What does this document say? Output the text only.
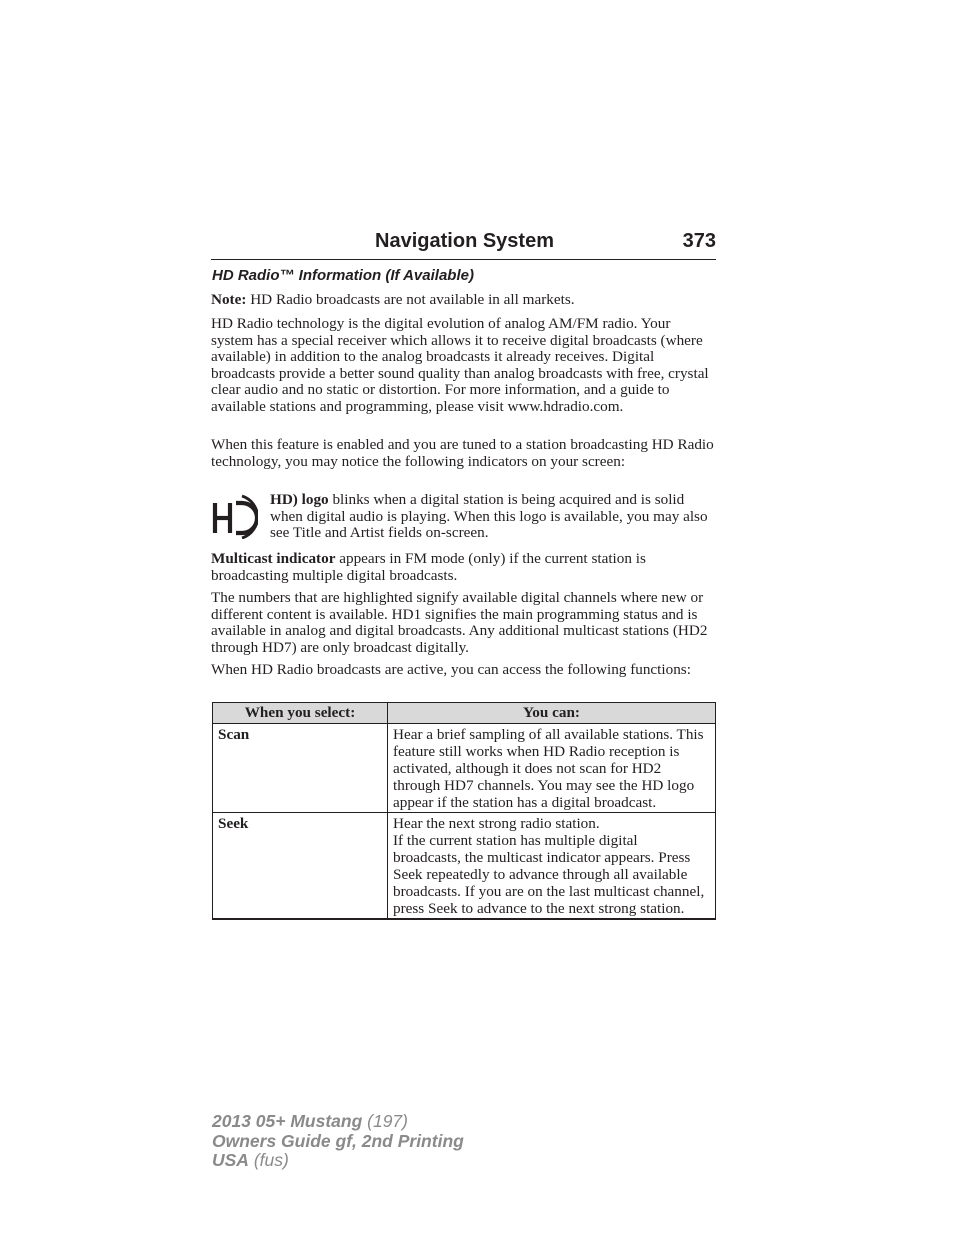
Navigation System	373
HD Radio™ Information (If Available)

Note: HD Radio broadcasts are not available in all markets.

HD Radio technology is the digital evolution of analog AM/FM radio. Your system has a special receiver which allows it to receive digital broadcasts (where available) in addition to the analog broadcasts it already receives. Digital broadcasts provide a better sound quality than analog broadcasts with free, crystal clear audio and no static or distortion. For more information, and a guide to available stations and programming, please visit www.hdradio.com.

When this feature is enabled and you are tuned to a station broadcasting HD Radio technology, you may notice the following indicators on your screen:

HD) logo blinks when a digital station is being acquired and is solid when digital audio is playing. When this logo is available, you may also see Title and Artist fields on-screen.

Multicast indicator appears in FM mode (only) if the current station is broadcasting multiple digital broadcasts.

The numbers that are highlighted signify available digital channels where new or different content is available. HD1 signifies the main programming status and is available in analog and digital broadcasts. Any additional multicast stations (HD2 through HD7) are only broadcast digitally.

When HD Radio broadcasts are active, you can access the following functions:

When you select:	You can:
Scan	Hear a brief sampling of all available stations. This feature still works when HD Radio reception is activated, although it does not scan for HD2 through HD7 channels. You may see the HD logo appear if the station has a digital broadcast.
Seek	Hear the next strong radio station.
If the current station has multiple digital broadcasts, the multicast indicator appears. Press Seek repeatedly to advance through all available broadcasts. If you are on the last multicast channel, press Seek to advance to the next strong station.
2013 05+ Mustang (197)
Owners Guide gf, 2nd Printing
USA (fus)
